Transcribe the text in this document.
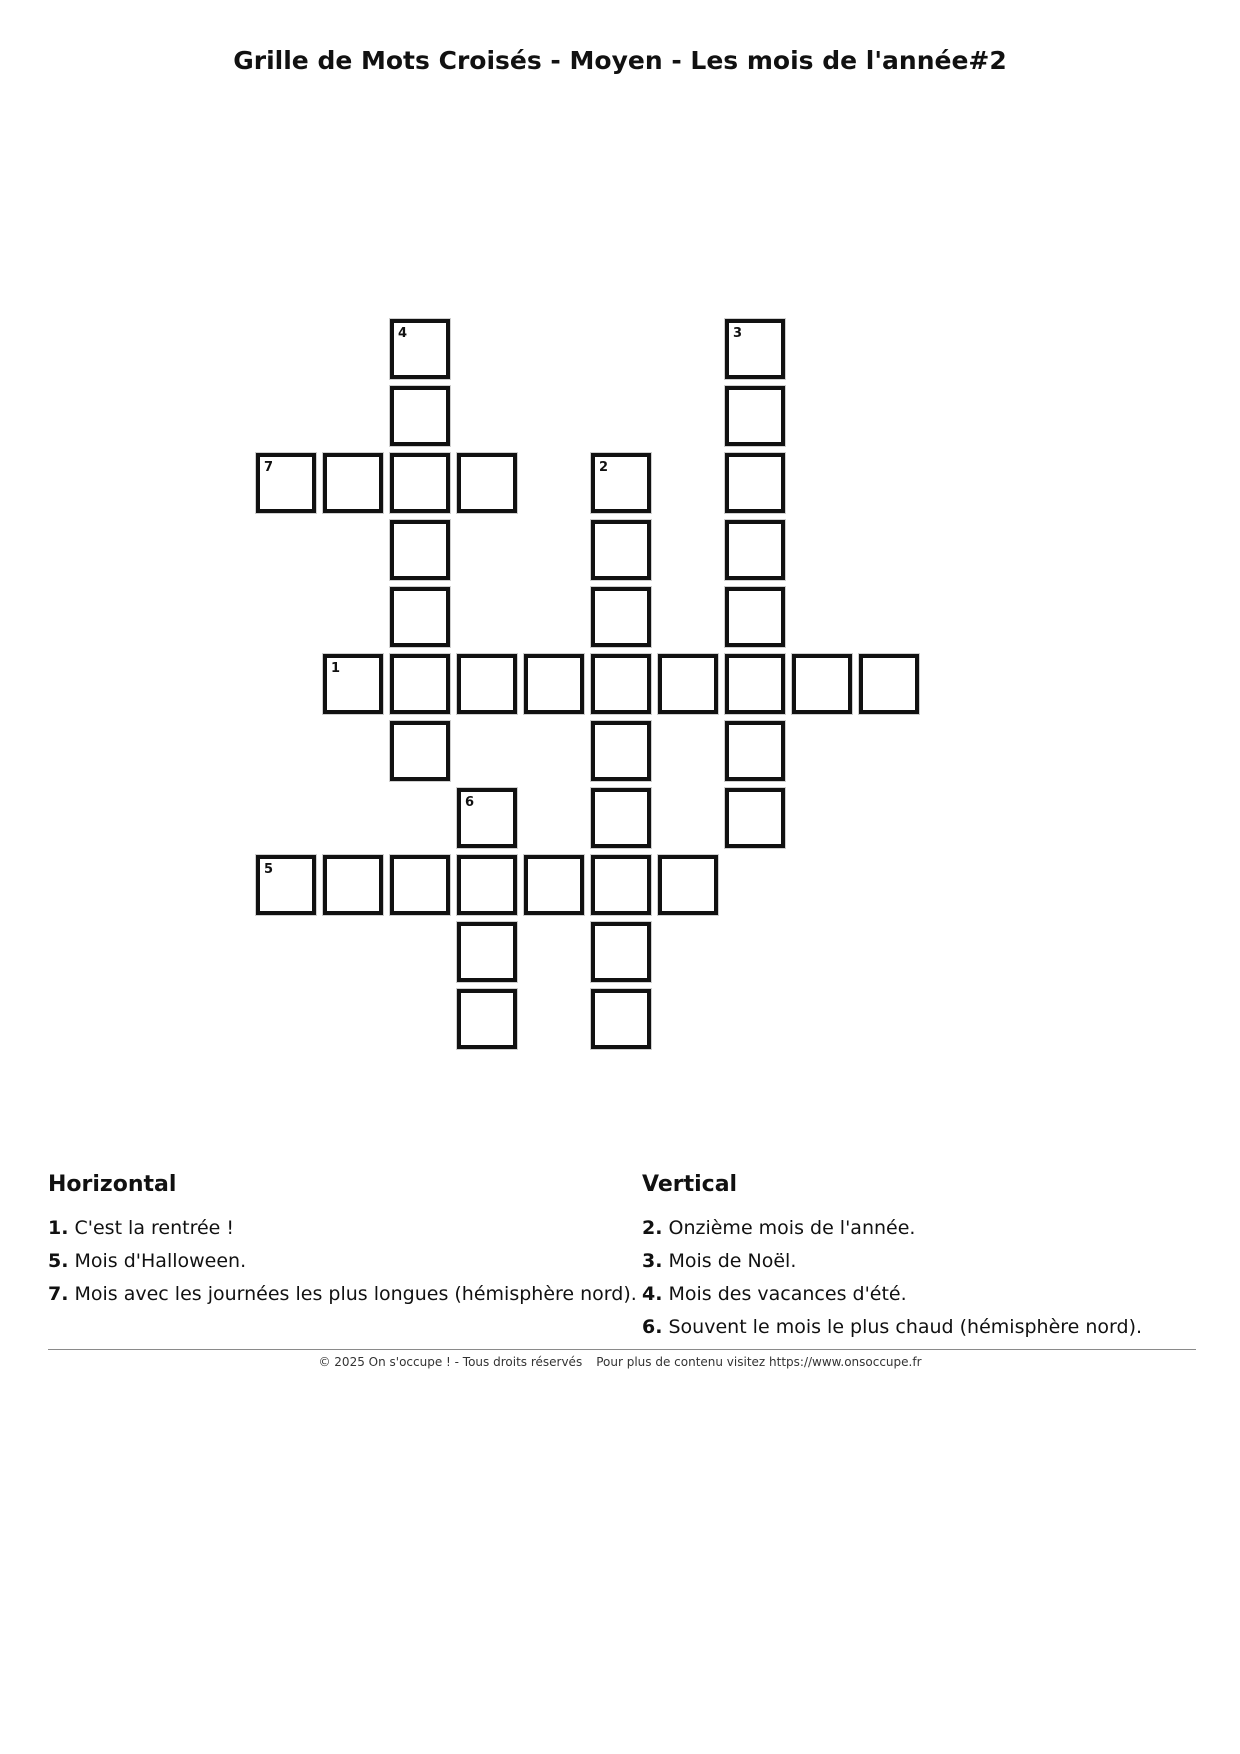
Grille de Mots Croisés - Moyen - Les mois de l'année#2
4	3
7	2
1
6
5
Horizontal
1. C'est la rentrée !
5. Mois d'Halloween.
7. Mois avec les journées les plus longues (hémisphère nord).
Vertical
2. Onzième mois de l'année.
3. Mois de Noël.
4. Mois des vacances d'été.
6. Souvent le mois le plus chaud (hémisphère nord).
© 2025 On s'occupe ! - Tous droits réservés Pour plus de contenu visitez https://www.onsoccupe.fr
